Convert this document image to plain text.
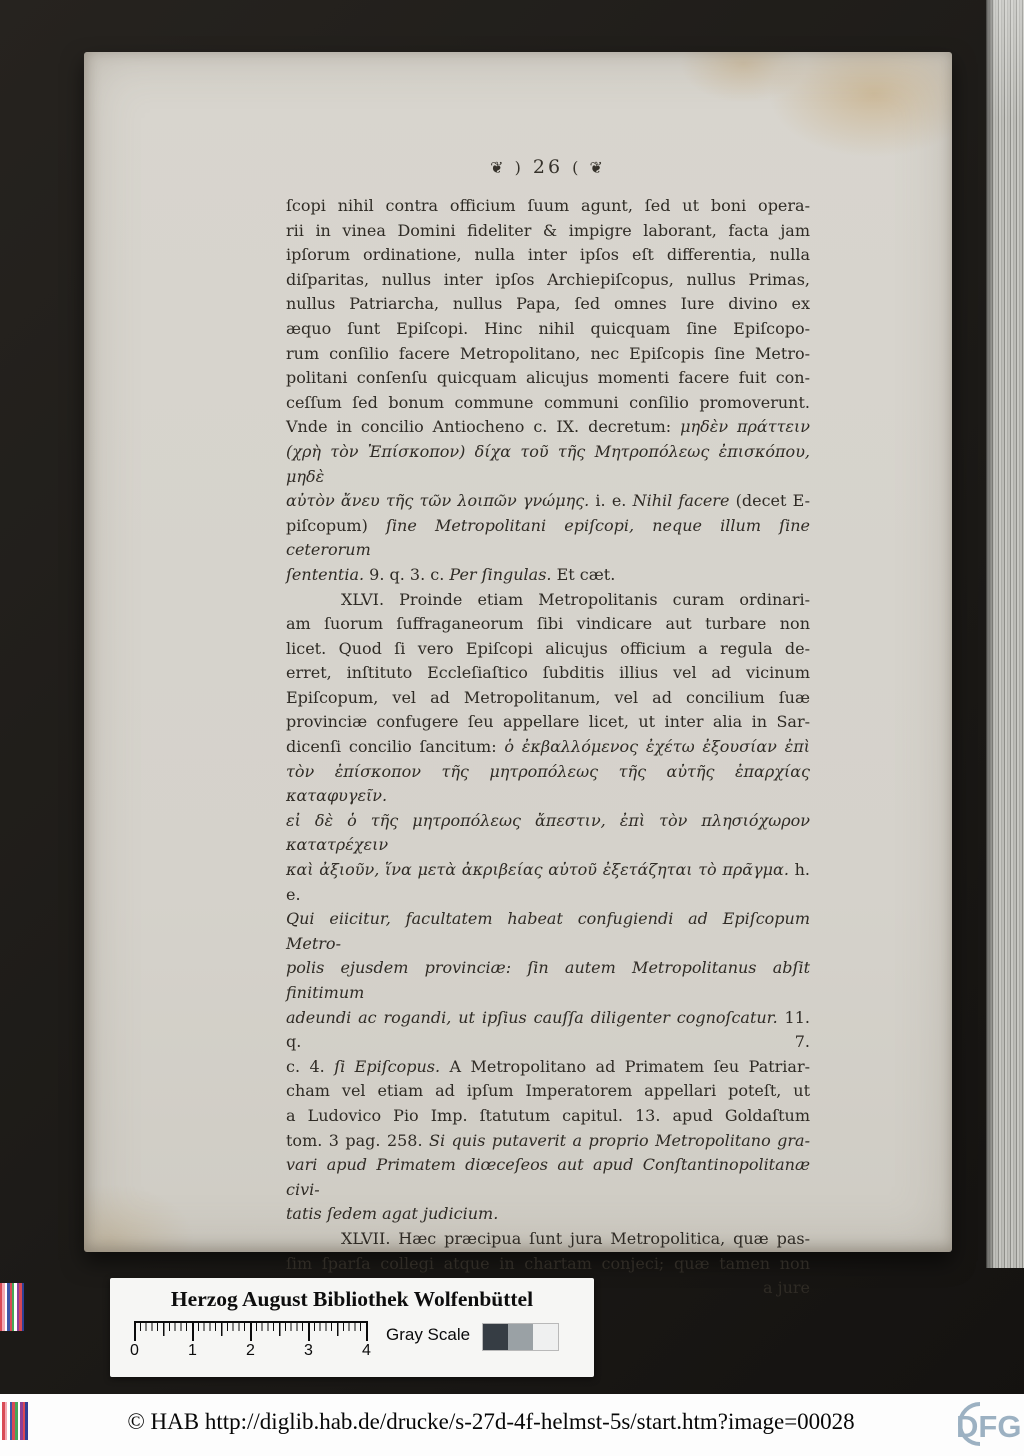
❦ ) 26 ( ❦
ſcopi nihil contra officium ſuum agunt, ſed ut boni opera-
rii in vinea Domini fideliter & impigre laborant, facta jam
ipſorum ordinatione, nulla inter ipſos eſt differentia, nulla
diſparitas, nullus inter ipſos Archiepiſcopus, nullus Primas,
nullus Patriarcha, nullus Papa, ſed omnes Iure divino ex
æquo ſunt Epiſcopi. Hinc nihil quicquam ſine Epiſcopo-
rum conſilio facere Metropolitano, nec Epiſcopis ſine Metro-
politani conſenſu quicquam alicujus momenti facere fuit con-
ceſſum ſed bonum commune communi conſilio promoverunt.
Vnde in concilio Antiocheno c. IX. decretum: μηδὲν πράττειν
(χρὴ τὸν Ἐπίσκοπον) δίχα τοῦ τῆς Μητροπόλεως ἐπισκόπου, μηδὲ
αὐτὸν ἄνευ τῆς τῶν λοιπῶν γνώμης. i. e. Nihil facere (decet E-
piſcopum) ſine Metropolitani epiſcopi, neque illum ſine ceterorum
ſententia. 9. q. 3. c. Per ſingulas. Et cæt.
XLVI. Proinde etiam Metropolitanis curam ordinari-
am ſuorum ſuffraganeorum ſibi vindicare aut turbare non
licet. Quod ſi vero Epiſcopi alicujus officium a regula de-
erret, inſtituto Eccleſiaſtico ſubditis illius vel ad vicinum
Epiſcopum, vel ad Metropolitanum, vel ad concilium ſuæ
provinciæ confugere ſeu appellare licet, ut inter alia in Sar-
dicenſi concilio ſancitum: ὁ ἐκβαλλόμενος ἐχέτω ἐξουσίαν ἐπὶ
τὸν ἐπίσκοπον τῆς μητροπόλεως τῆς αὐτῆς ἐπαρχίας καταφυγεῖν.
εἰ δὲ ὁ τῆς μητροπόλεως ἄπεστιν, ἐπὶ τὸν πλησιόχωρον κατατρέχειν
καὶ ἀξιοῦν, ἵνα μετὰ ἀκριβείας αὐτοῦ ἐξετάζηται τὸ πρᾶγμα. h. e.
Qui eiicitur, facultatem habeat confugiendi ad Epiſcopum Metro-
polis ejusdem provinciæ: ſin autem Metropolitanus abſit finitimum
adeundi ac rogandi, ut ipſius cauſſa diligenter cognoſcatur. 11. q. 7.
c. 4. ſi Epiſcopus. A Metropolitano ad Primatem ſeu Patriar-
cham vel etiam ad ipſum Imperatorem appellari poteſt, ut
a Ludovico Pio Imp. ſtatutum capitul. 13. apud Goldaſtum
tom. 3 pag. 258. Si quis putaverit a proprio Metropolitano gra-
vari apud Primatem diœceſeos aut apud Conſtantinopolitanæ civi-
tatis ſedem agat judicium.
XLVII. Hæc præcipua ſunt jura Metropolitica, quæ pas-
ſim ſparſa collegi atque in chartam conjeci; quæ tamen non
a jure
Herzog August Bibliothek Wolfenbüttel
0	1	2	3	4
Gray Scale
© HAB http://diglib.hab.de/drucke/s-27d-4f-helmst-5s/start.htm?image=00028	DFG
